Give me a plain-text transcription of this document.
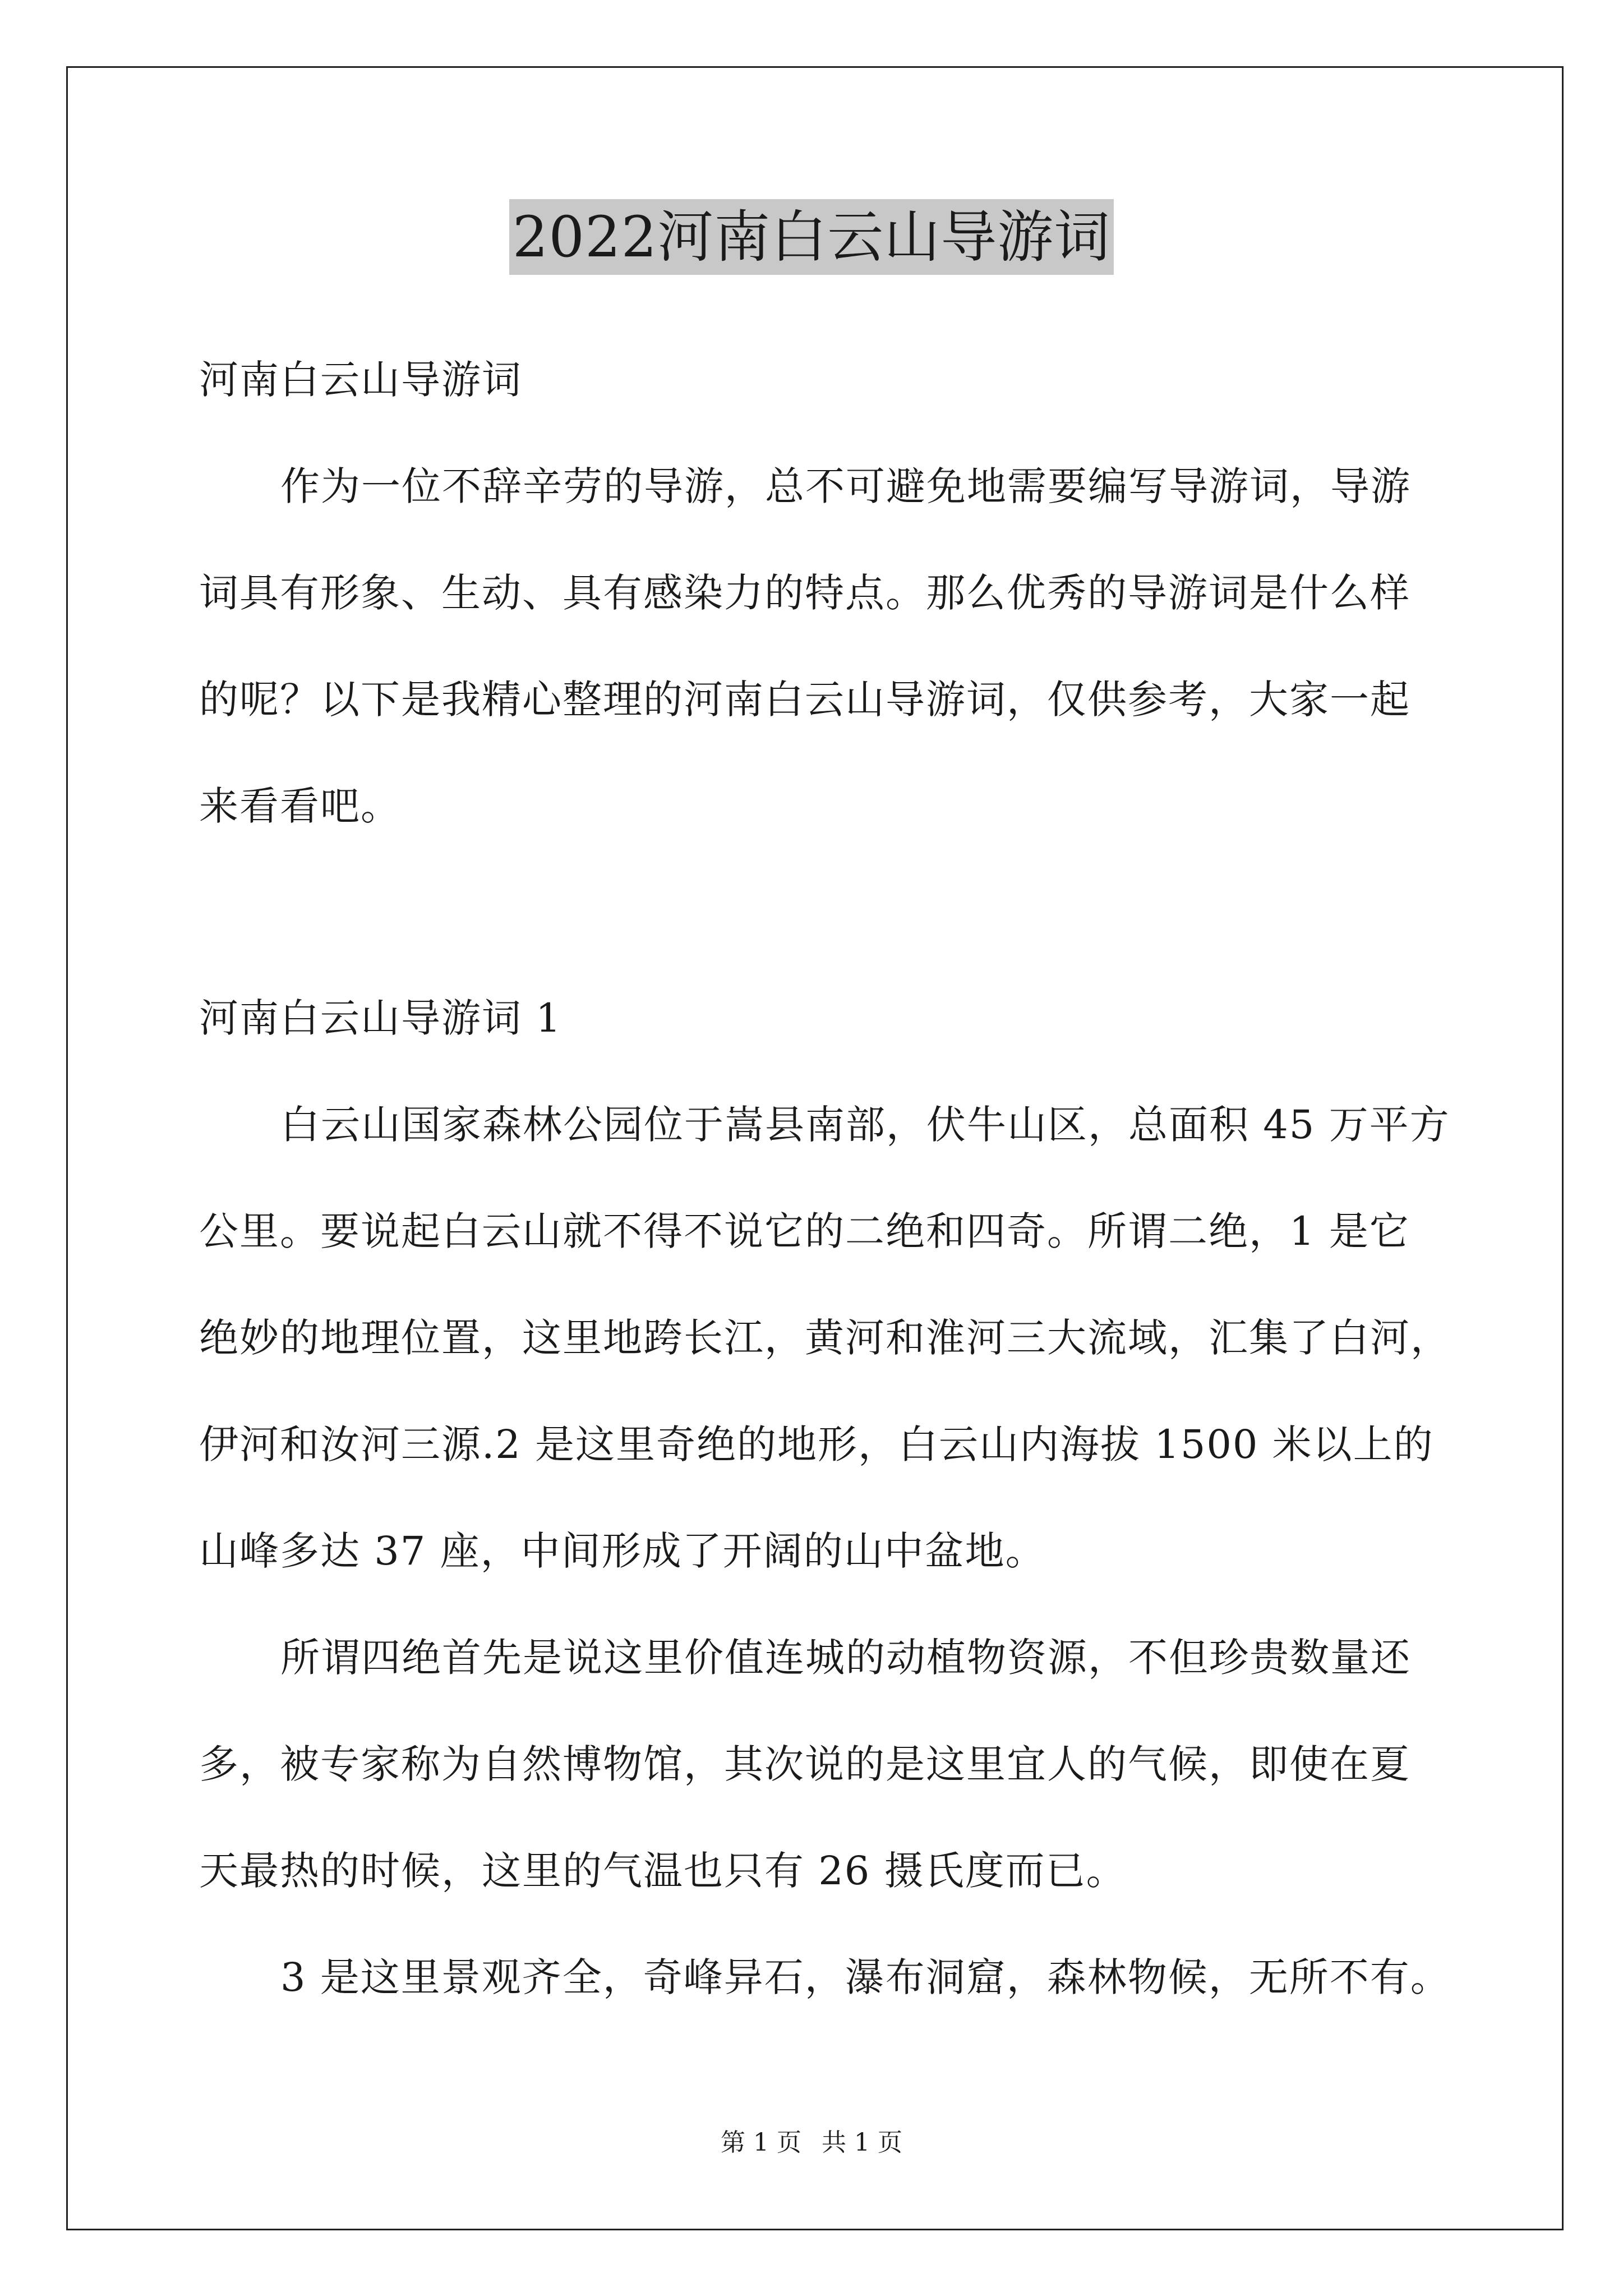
2022河南白云山导游词
河南白云山导游词
作为一位不辞辛劳的导游，总不可避免地需要编写导游词，导游
词具有形象、生动、具有感染力的特点。那么优秀的导游词是什么样
的呢？以下是我精心整理的河南白云山导游词，仅供参考，大家一起
来看看吧。
河南白云山导游词 1
白云山国家森林公园位于嵩县南部，伏牛山区，总面积 45 万平方
公里。要说起白云山就不得不说它的二绝和四奇。所谓二绝，1 是它
绝妙的地理位置，这里地跨长江，黄河和淮河三大流域，汇集了白河，
伊河和汝河三源.2 是这里奇绝的地形，白云山内海拔 1500 米以上的
山峰多达 37 座，中间形成了开阔的山中盆地。
所谓四绝首先是说这里价值连城的动植物资源，不但珍贵数量还
多，被专家称为自然博物馆，其次说的是这里宜人的气候，即使在夏
天最热的时候，这里的气温也只有 26 摄氏度而已。
3 是这里景观齐全，奇峰异石，瀑布洞窟，森林物候，无所不有。
第 1 页 共 1 页
